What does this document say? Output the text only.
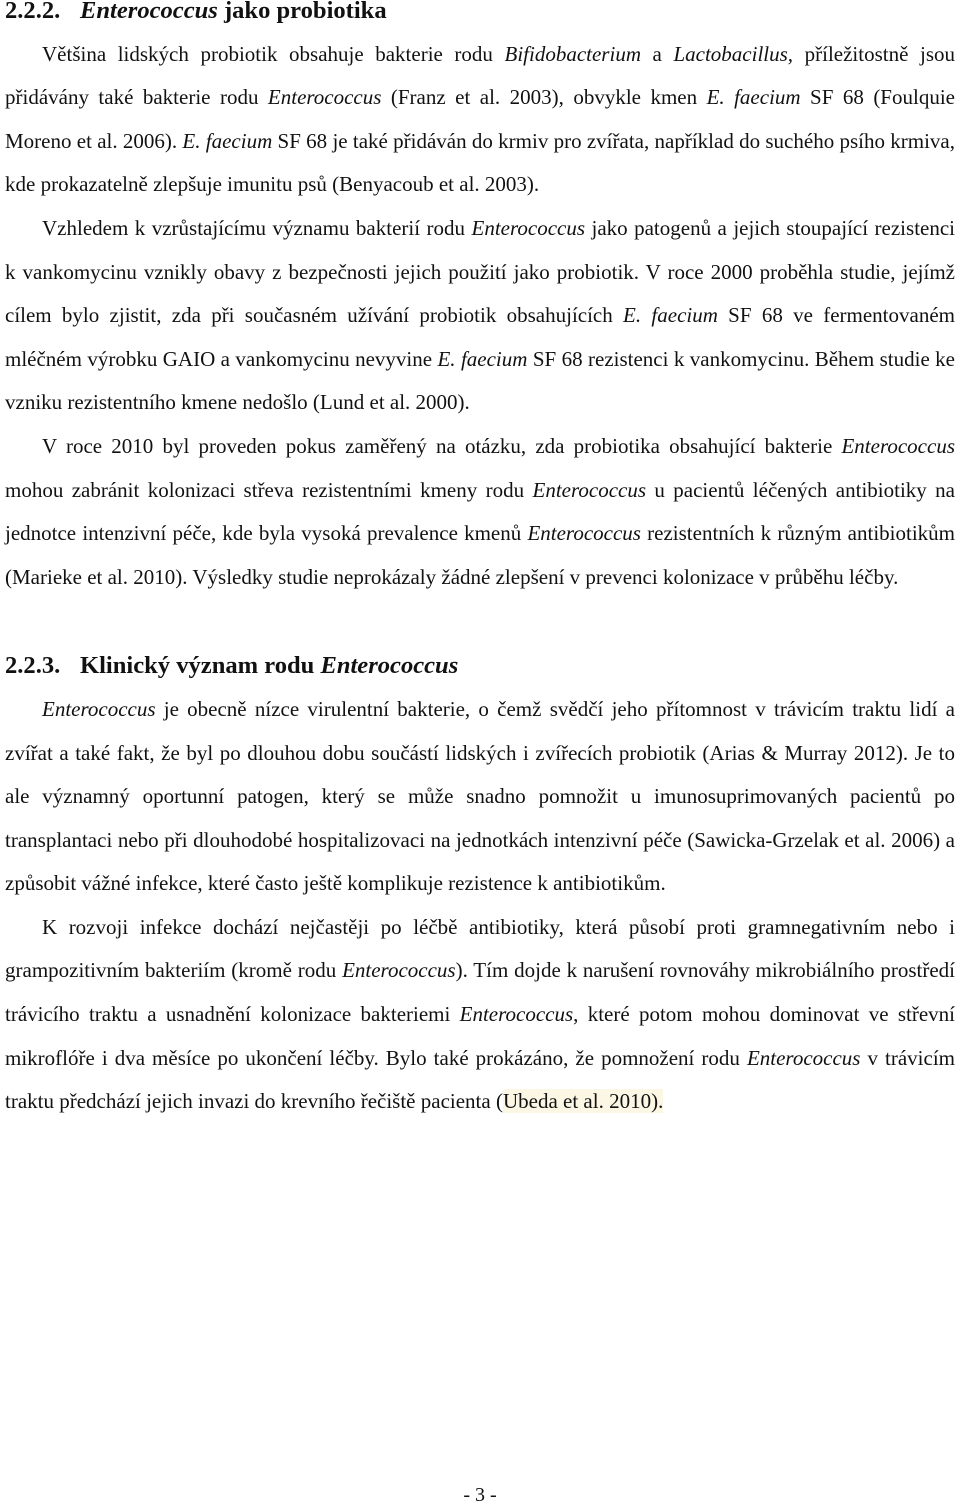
2.2.2. Enterococcus jako probiotika

Většina lidských probiotik obsahuje bakterie rodu Bifidobacterium a Lactobacillus, příležitostně jsou přidávány také bakterie rodu Enterococcus (Franz et al. 2003), obvykle kmen E. faecium SF 68 (Foulquie Moreno et al. 2006). E. faecium SF 68 je také přidáván do krmiv pro zvířata, například do suchého psího krmiva, kde prokazatelně zlepšuje imunitu psů (Benyacoub et al. 2003).

Vzhledem k vzrůstajícímu významu bakterií rodu Enterococcus jako patogenů a jejich stoupající rezistenci k vankomycinu vznikly obavy z bezpečnosti jejich použití jako probiotik. V roce 2000 proběhla studie, jejímž cílem bylo zjistit, zda při současném užívání probiotik obsahujících E. faecium SF 68 ve fermentovaném mléčném výrobku GAIO a vankomycinu nevyvine E. faecium SF 68 rezistenci k vankomycinu. Během studie ke vzniku rezistentního kmene nedošlo (Lund et al. 2000).

V roce 2010 byl proveden pokus zaměřený na otázku, zda probiotika obsahující bakterie Enterococcus mohou zabránit kolonizaci střeva rezistentními kmeny rodu Enterococcus u pacientů léčených antibiotiky na jednotce intenzivní péče, kde byla vysoká prevalence kmenů Enterococcus rezistentních k různým antibiotikům (Marieke et al. 2010). Výsledky studie neprokázaly žádné zlepšení v prevenci kolonizace v průběhu léčby.

2.2.3. Klinický význam rodu Enterococcus

Enterococcus je obecně nízce virulentní bakterie, o čemž svědčí jeho přítomnost v trávicím traktu lidí a zvířat a také fakt, že byl po dlouhou dobu součástí lidských i zvířecích probiotik (Arias & Murray 2012). Je to ale významný oportunní patogen, který se může snadno pomnožit u imunosuprimovaných pacientů po transplantaci nebo při dlouhodobé hospitalizovaci na jednotkách intenzivní péče (Sawicka-Grzelak et al. 2006) a způsobit vážné infekce, které často ještě komplikuje rezistence k antibiotikům.

K rozvoji infekce dochází nejčastěji po léčbě antibiotiky, která působí proti gramnegativním nebo i grampozitivním bakteriím (kromě rodu Enterococcus). Tím dojde k narušení rovnováhy mikrobiálního prostředí trávicího traktu a usnadnění kolonizace bakteriemi Enterococcus, které potom mohou dominovat ve střevní mikroflóře i dva měsíce po ukončení léčby. Bylo také prokázáno, že pomnožení rodu Enterococcus v trávicím traktu předchází jejich invazi do krevního řečiště pacienta (Ubeda et al. 2010).

- 3 -
